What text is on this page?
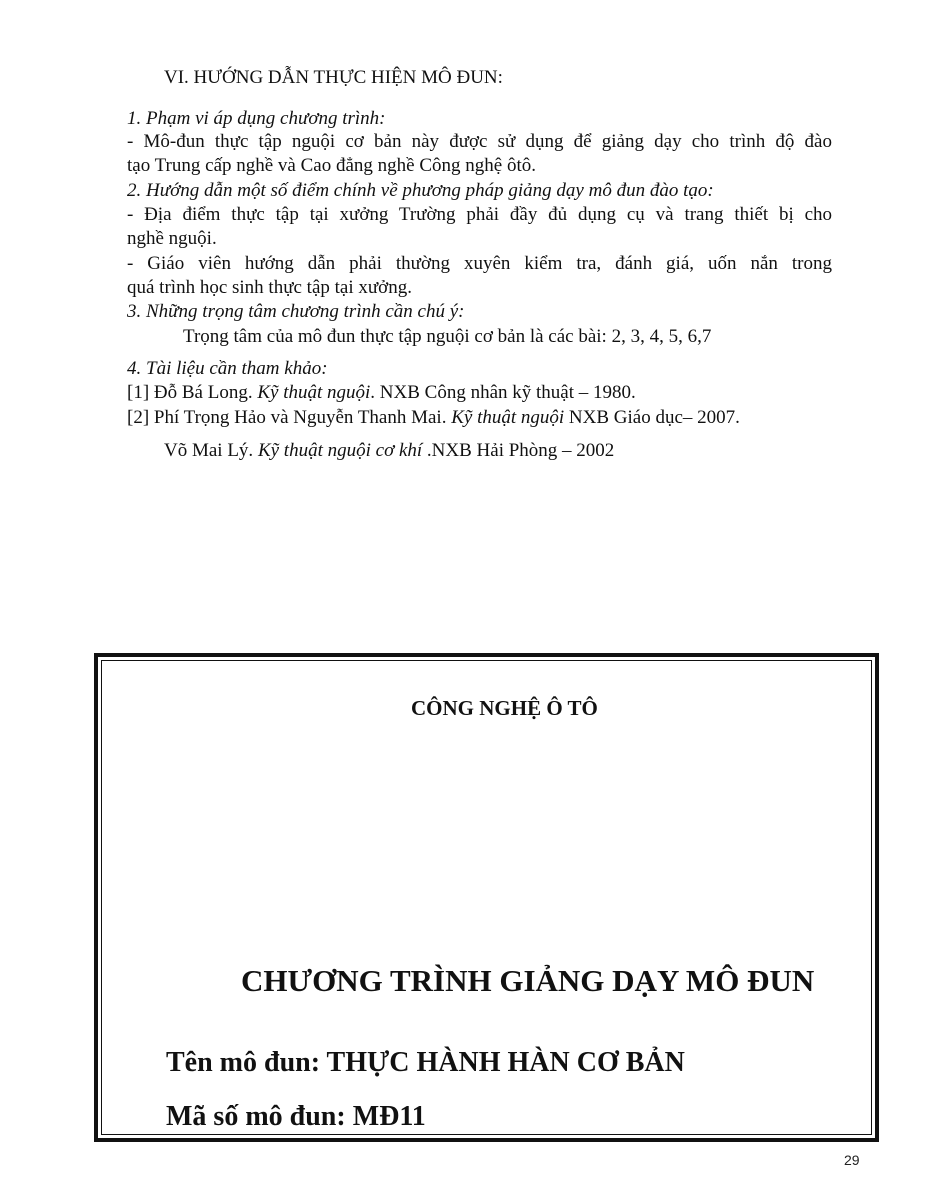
VI. HƯỚNG DẪN THỰC HIỆN MÔ ĐUN:
1. Phạm vi áp dụng chương trình:
- Mô-đun thực tập nguội cơ bản này được sử dụng để giảng dạy cho trình độ đào
tạo Trung cấp nghề và Cao đẳng nghề Công nghệ ôtô.
2. Hướng dẫn một số điểm chính về phương pháp giảng dạy mô đun đào tạo:
- Địa điểm thực tập tại xưởng Trường phải đầy đủ dụng cụ và trang thiết bị cho
nghề nguội.
- Giáo viên hướng dẫn phải thường xuyên kiểm tra, đánh giá, uốn nắn trong
quá trình học sinh thực tập tại xưởng.
3. Những trọng tâm chương trình cần chú ý:
Trọng tâm của mô đun thực tập nguội cơ bản là các bài: 2, 3, 4, 5, 6,7
4. Tài liệu cần tham khảo:
[1] Đỗ Bá Long. Kỹ thuật nguội. NXB Công nhân kỹ thuật – 1980.
[2] Phí Trọng Hảo và Nguyễn Thanh Mai. Kỹ thuật nguội NXB Giáo dục– 2007.
Võ Mai Lý. Kỹ thuật nguội cơ khí .NXB Hải Phòng – 2002
CÔNG NGHỆ Ô TÔ
CHƯƠNG TRÌNH GIẢNG DẠY MÔ ĐUN
Tên mô đun: THỰC HÀNH HÀN CƠ BẢN
Mã số mô đun: MĐ11
29
